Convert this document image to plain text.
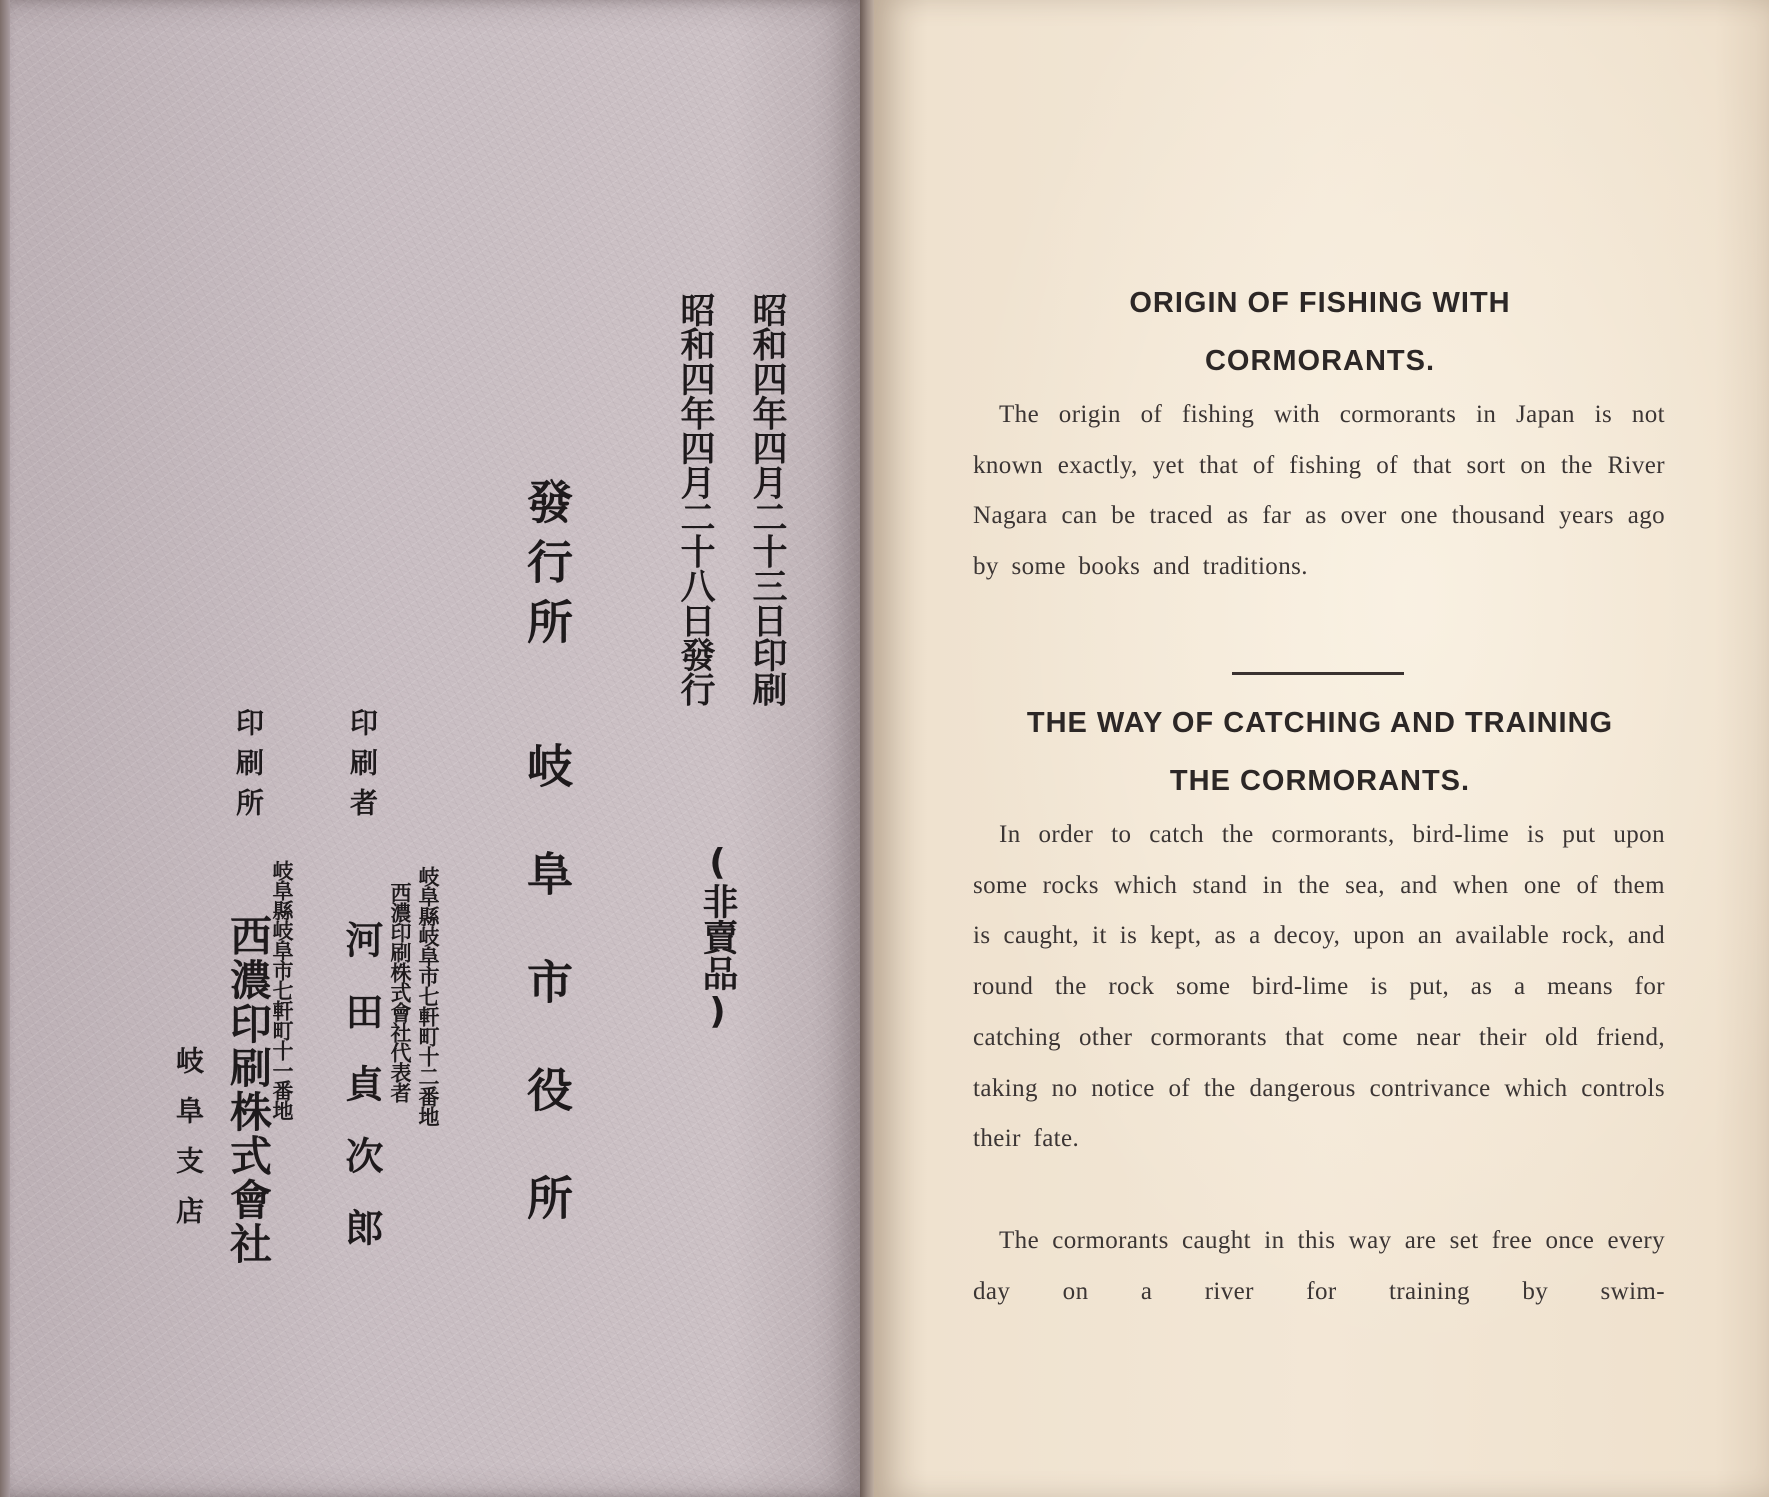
昭和四年四月二十三日印刷
昭和四年四月二十八日發行
(非賣品)
發行所
岐阜市役所
印刷者
岐阜縣岐阜市七軒町十二番地
西濃印刷株式會社代表者
河田貞次郎
印刷所
岐阜縣岐阜市七軒町十一番地
西濃印刷株式會社
岐阜支店
ORIGIN OF FISHING WITH
CORMORANTS.

The origin of fishing with cormorants in Japan is not known exactly, yet that of fishing of that sort on the River Nagara can be traced as far as over one thousand years ago by some books and traditions.

THE WAY OF CATCHING AND TRAINING
THE CORMORANTS.

In order to catch the cormorants, bird-lime is put upon some rocks which stand in the sea, and when one of them is caught, it is kept, as a decoy, upon an available rock, and round the rock some bird-lime is put, as a means for catching other cormorants that come near their old friend, taking no notice of the dangerous contrivance which controls their fate.

The cormorants caught in this way are set free once every day on a river for training by swim-
